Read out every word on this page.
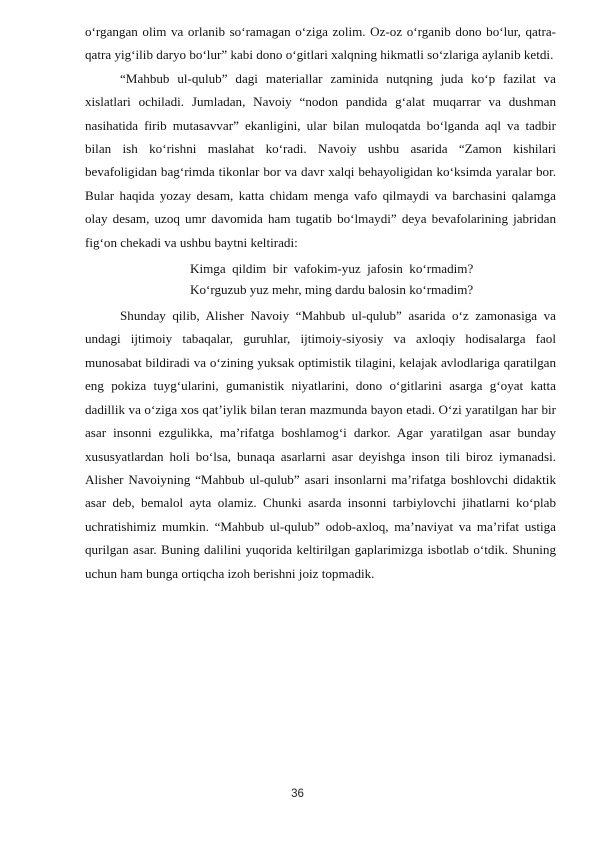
o‘rgangan olim va orlanib so‘ramagan o‘ziga zolim. Oz-oz o‘rganib dono bo‘lur, qatra-qatra yig‘ilib daryo bo‘lur” kabi dono o‘gitlari xalqning hikmatli so‘zlariga aylanib ketdi.

“Mahbub ul-qulub” dagi materiallar zaminida nutqning juda ko‘p fazilat va xislatlari ochiladi. Jumladan, Navoiy “nodon pandida g‘alat muqarrar va dushman nasihatida firib mutasavvar” ekanligini, ular bilan muloqatda bo‘lganda aql va tadbir bilan ish ko‘rishni maslahat ko‘radi. Navoiy ushbu asarida “Zamon kishilari bevafoligidan bag‘rimda tikonlar bor va davr xalqi behayoligidan ko‘ksimda yaralar bor. Bular haqida yozay desam, katta chidam menga vafo qilmaydi va barchasini qalamga olay desam, uzoq umr davomida ham tugatib bo‘lmaydi” deya bevafolarining jabridan fig‘on chekadi va ushbu baytni keltiradi:

Kimga qildim bir vafokim-yuz jafosin ko‘rmadim?
Ko‘rguzub yuz mehr, ming dardu balosin ko‘rmadim?

Shunday qilib, Alisher Navoiy “Mahbub ul-qulub” asarida o‘z zamonasiga va undagi ijtimoiy tabaqalar, guruhlar, ijtimoiy-siyosiy va axloqiy hodisalarga faol munosabat bildiradi va o‘zining yuksak optimistik tilagini, kelajak avlodlariga qaratilgan eng pokiza tuyg‘ularini, gumanistik niyatlarini, dono o‘gitlarini asarga g‘oyat katta dadillik va o‘ziga xos qat’iylik bilan teran mazmunda bayon etadi. O‘zi yaratilgan har bir asar insonni ezgulikka, ma’rifatga boshlamog‘i darkor. Agar yaratilgan asar bunday xususyatlardan holi bo‘lsa, bunaqa asarlarni asar deyishga inson tili biroz iymanadsi. Alisher Navoiyning “Mahbub ul-qulub” asari insonlarni ma’rifatga boshlovchi didaktik asar deb, bemalol ayta olamiz. Chunki asarda insonni tarbiylovchi jihatlarni ko‘plab uchratishimiz mumkin. “Mahbub ul-qulub” odob-axloq, ma’naviyat va ma’rifat ustiga qurilgan asar. Buning dalilini yuqorida keltirilgan gaplarimizga isbotlab o‘tdik. Shuning uchun ham bunga ortiqcha izoh berishni joiz topmadik.

36
